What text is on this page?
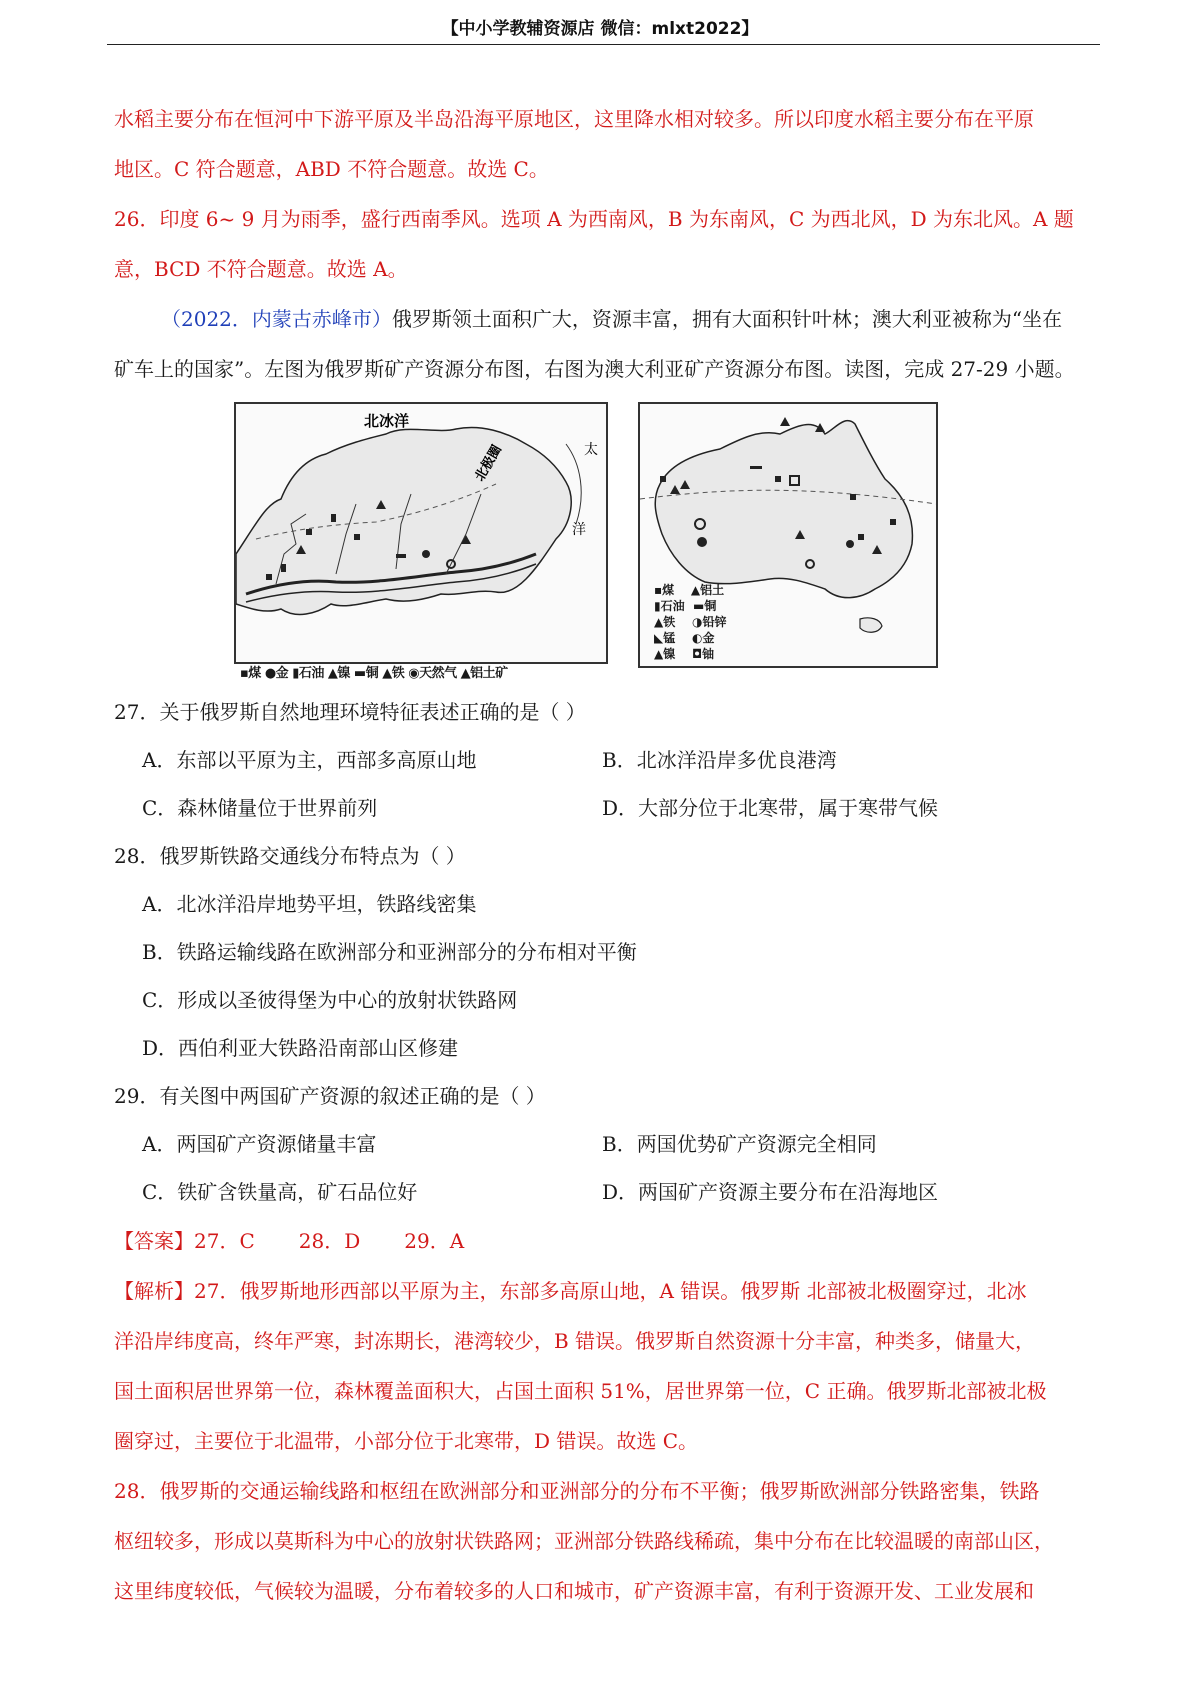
【中小学教辅资源店 微信：mlxt2022】

水稻主要分布在恒河中下游平原及半岛沿海平原地区，这里降水相对较多。所以印度水稻主要分布在平原

地区。C 符合题意，ABD 不符合题意。故选 C。

26．印度 6~ 9 月为雨季，盛行西南季风。选项 A 为西南风，B 为东南风，C 为西北风，D 为东北风。A 题

意，BCD 不符合题意。故选 A。

（2022．内蒙古赤峰市）俄罗斯领土面积广大，资源丰富，拥有大面积针叶林；澳大利亚被称为“坐在

矿车上的国家”。左图为俄罗斯矿产资源分布图，右图为澳大利亚矿产资源分布图。读图，完成 27-29 小题。

北冰洋
北极圈	太
洋
▪煤 ●金 ▮石油 ▲镍 ▬铜 ▲铁 ◉天然气 ▲铝土矿
▪煤 ▲铝土
▮石油 ▬铜
▲铁 ◑铅锌
◣锰 ◐金
▲镍 ◘铀
27．关于俄罗斯自然地理环境特征表述正确的是（ ）
A．东部以平原为主，西部多高原山地	B．北冰洋沿岸多优良港湾
C．森林储量位于世界前列	D．大部分位于北寒带，属于寒带气候
28．俄罗斯铁路交通线分布特点为（ ）
A．北冰洋沿岸地势平坦，铁路线密集
B．铁路运输线路在欧洲部分和亚洲部分的分布相对平衡
C．形成以圣彼得堡为中心的放射状铁路网
D．西伯利亚大铁路沿南部山区修建
29．有关图中两国矿产资源的叙述正确的是（ ）
A．两国矿产资源储量丰富	B．两国优势矿产资源完全相同
C．铁矿含铁量高，矿石品位好	D．两国矿产资源主要分布在沿海地区
【答案】27．C 28．D 29．A

【解析】27．俄罗斯地形西部以平原为主，东部多高原山地，A 错误。俄罗斯 北部被北极圈穿过，北冰

洋沿岸纬度高，终年严寒，封冻期长，港湾较少，B 错误。俄罗斯自然资源十分丰富，种类多，储量大，

国土面积居世界第一位，森林覆盖面积大，占国土面积 51%，居世界第一位，C 正确。俄罗斯北部被北极

圈穿过，主要位于北温带，小部分位于北寒带，D 错误。故选 C。

28．俄罗斯的交通运输线路和枢纽在欧洲部分和亚洲部分的分布不平衡；俄罗斯欧洲部分铁路密集，铁路

枢纽较多，形成以莫斯科为中心的放射状铁路网；亚洲部分铁路线稀疏，集中分布在比较温暖的南部山区，

这里纬度较低，气候较为温暖，分布着较多的人口和城市，矿产资源丰富，有利于资源开发、工业发展和
